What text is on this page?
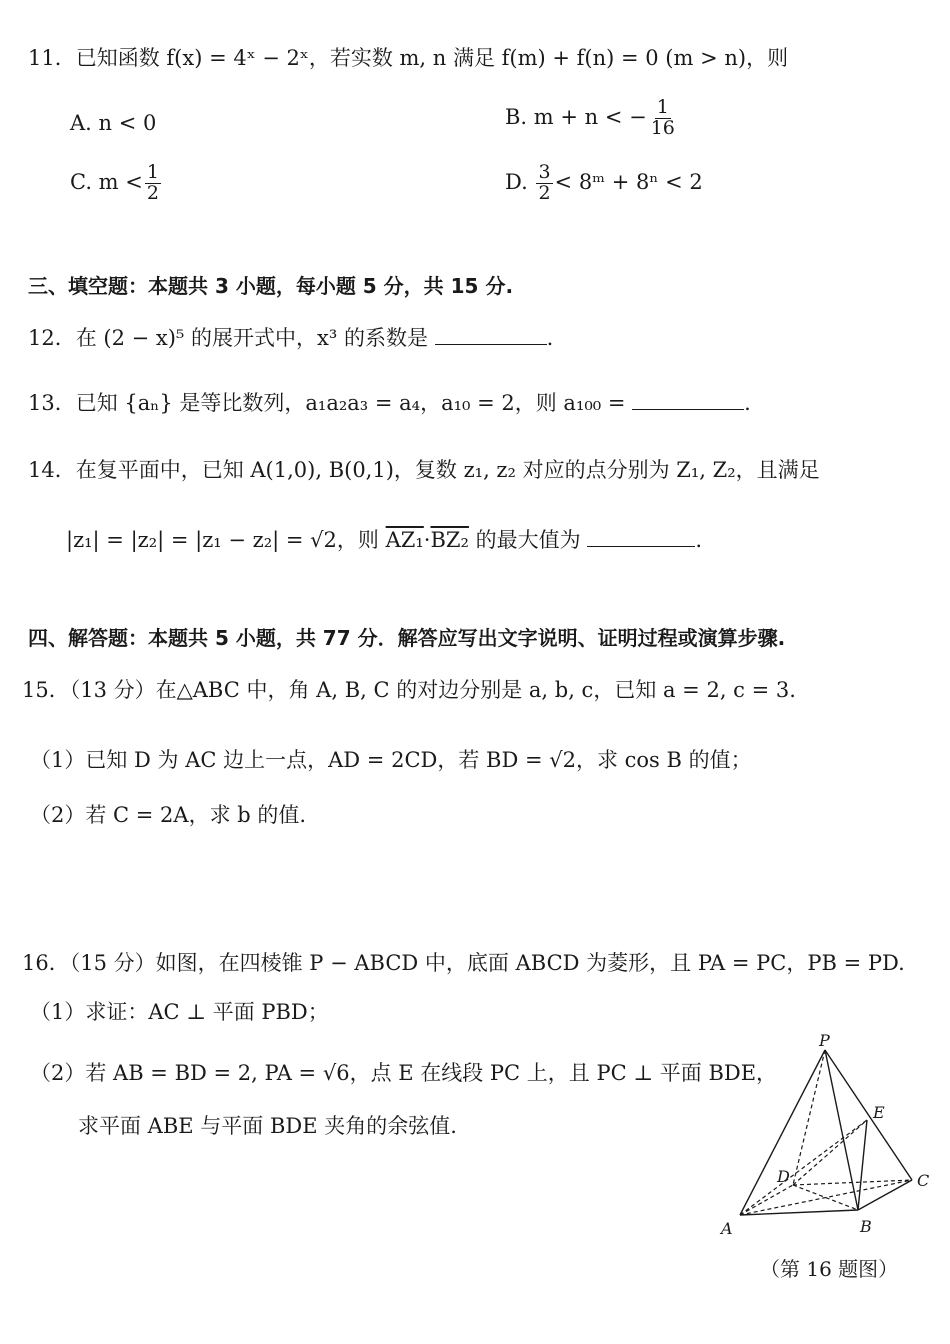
11．已知函数 f(x) = 4ˣ − 2ˣ，若实数 m, n 满足 f(m) + f(n) = 0 (m > n)，则
A. n < 0	B. m + n < − $\frac{1}{16}$
C. $m < \frac{1}{2}$	D. $\frac{3}{2}$ < 8ᵐ + 8ⁿ < 2
三、填空题：本题共 3 小题，每小题 5 分，共 15 分.
12．在 (2 − x)⁵ 的展开式中，x³ 的系数是	.
13．已知 {aₙ} 是等比数列，a₁a₂a₃ = a₄，a₁₀ = 2，则 a₁₀₀ =	.
14．在复平面中，已知 A(1,0), B(0,1)，复数 z₁, z₂ 对应的点分别为 Z₁, Z₂，且满足
|z₁| = |z₂| = |z₁ − z₂| = √2，则 AZ₁·BZ₂ 的最大值为	.
四、解答题：本题共 5 小题，共 77 分．解答应写出文字说明、证明过程或演算步骤.
15．（13 分）在△ABC 中，角 A, B, C 的对边分别是 a, b, c，已知 a = 2, c = 3.
（1）已知 D 为 AC 边上一点，AD = 2CD，若 BD = √2，求 cos B 的值；
（2）若 C = 2A，求 b 的值.
16．（15 分）如图，在四棱锥 P − ABCD 中，底面 ABCD 为菱形，且 PA = PC，PB = PD.
（1）求证：AC ⊥ 平面 PBD；
（2）若 AB = BD = 2, PA = √6，点 E 在线段 PC 上，且 PC ⊥ 平面 BDE，
求平面 ABE 与平面 BDE 夹角的余弦值.
P
E
D	C
A	B
（第 16 题图）
